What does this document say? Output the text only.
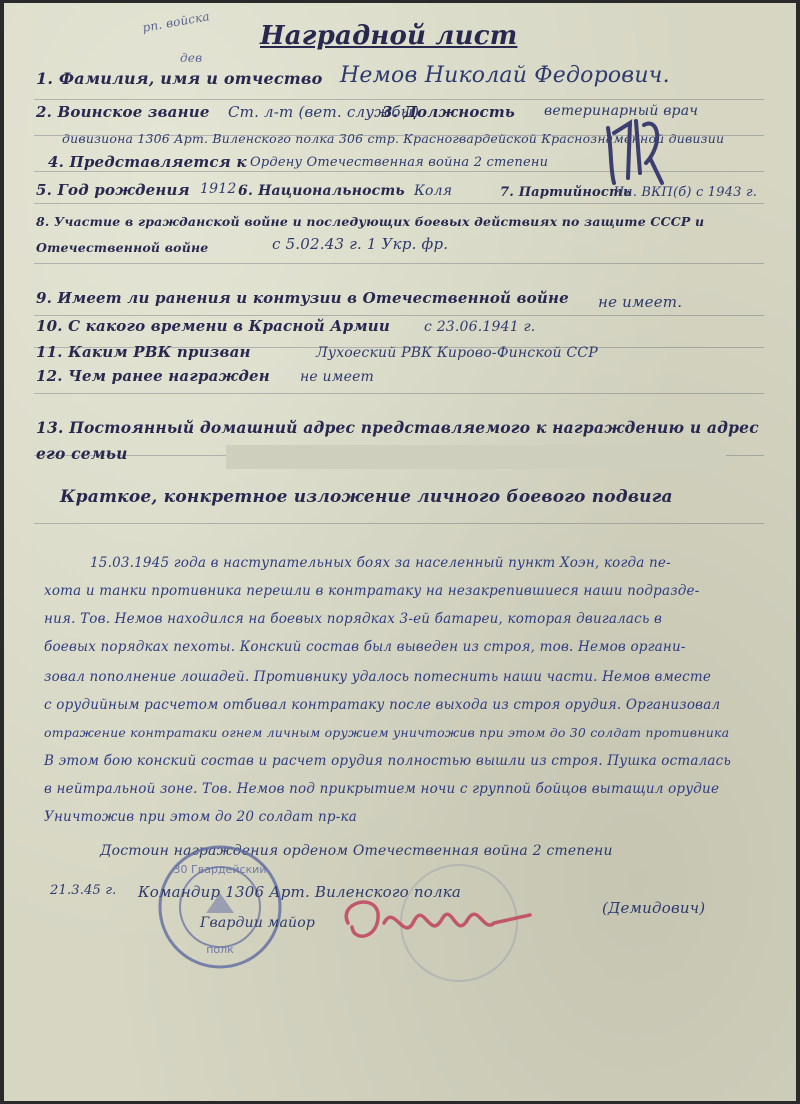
Наградной лист
рп. войска
дев
1. Фамилия, имя и отчество Немов Николай Федорович.
2. Воинское звание Ст. л-т (вет. службы)
3. Должность ветеринарный врач
дивизиона 1306 Арт. Виленского полка 306 стр. Красногвардейской Краснознаменной дивизии
4. Представляется к Ордену Отечественная война 2 степени
5. Год рождения 1912 6. Национальность Коля	7. Партийность
Чл. ВКП(б) с 1943 г.
8. Участие в гражданской войне и последующих боевых действиях по защите СССР и Отечественной войне	с 5.02.43 г. 1 Укр. фр.
9. Имеет ли ранения и контузии в Отечественной войне не имеет.
10. С какого времени в Красной Армии с 23.06.1941 г.
11. Каким РВК призван	Лухоеский РВК Кирово-Финской ССР
12. Чем ранее награжден не имеет
13. Постоянный домашний адрес представляемого к награждению и адрес его семьи
Краткое, конкретное изложение личного боевого подвига
15.03.1945 года в наступательных боях за населенный пункт Хоэн, когда пе-
хота и танки противника перешли в контратаку на незакрепившиеся наши подразде-
ния. Тов. Немов находился на боевых порядках 3-ей батареи, которая двигалась в
боевых порядках пехоты. Конский состав был выведен из строя, тов. Немов органи-
зовал пополнение лошадей. Противнику удалось потеснить наши части. Немов вместе
с орудийным расчетом отбивал контратаку после выхода из строя орудия. Организовал
отражение контратаки огнем личным оружием уничтожив при этом до 30 солдат противника
В этом бою конский состав и расчет орудия полностью вышли из строя. Пушка осталась
в нейтральной зоне. Тов. Немов под прикрытием ночи с группой бойцов вытащил орудие
Уничтожив при этом до 20 солдат пр-ка
Достоин награждения орденом Отечественная война 2 степени
30 Гвардейский
полк
21.3.45 г. Командир 1306 Арт. Виленского полка
Гвардии майор
(Демидович)
